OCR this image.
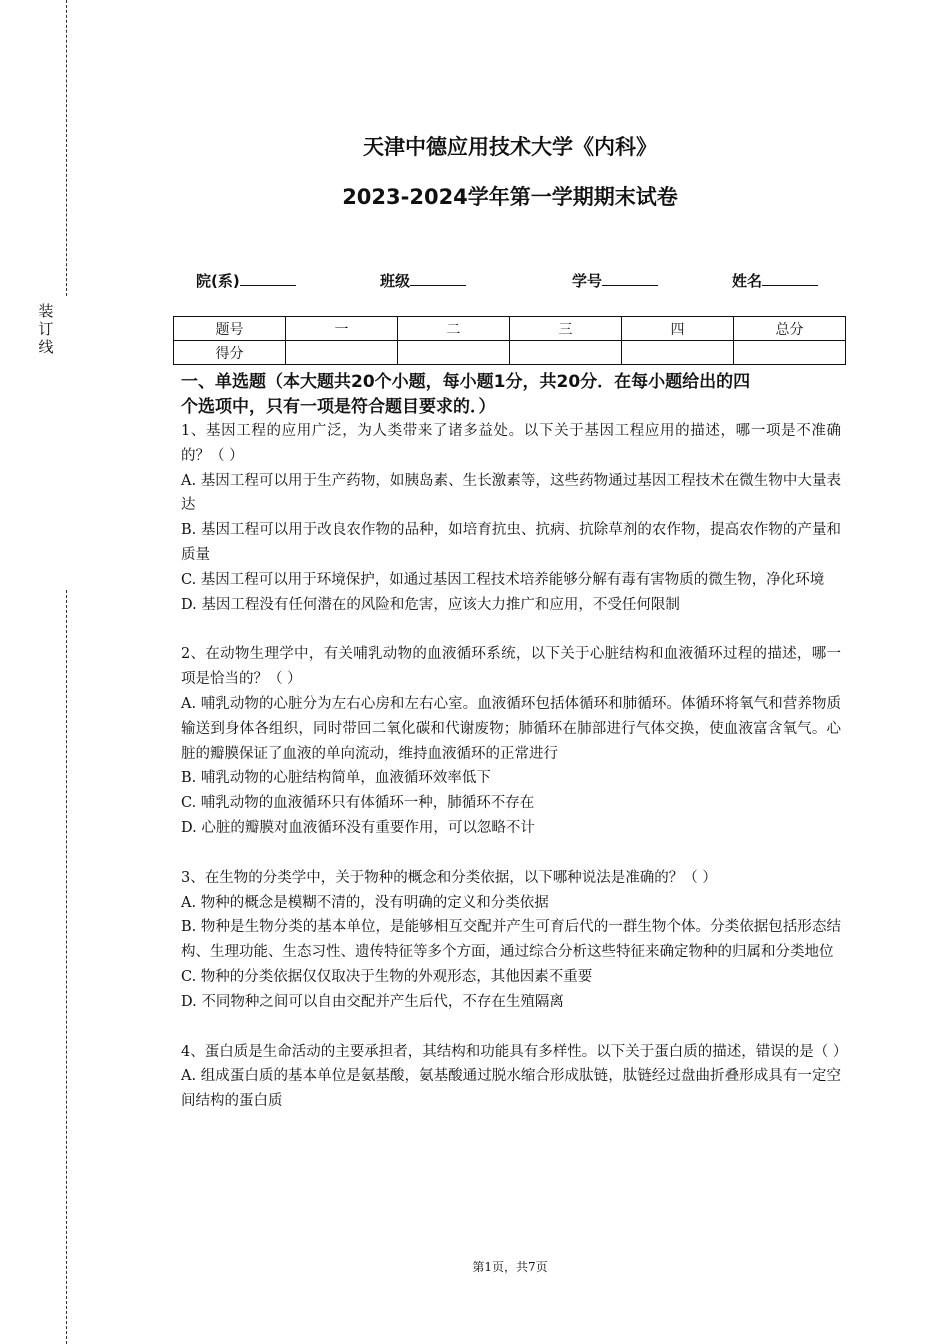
装
订
线
天津中德应用技术大学《内科》
2023-2024学年第一学期期末试卷
院(系)	班级	学号	姓名
题号	一	二	三	四	总分
得分					
一、单选题（本大题共20个小题，每小题1分，共20分．在每小题给出的四
个选项中，只有一项是符合题目要求的．）

1、基因工程的应用广泛，为人类带来了诸多益处。以下关于基因工程应用的描述，哪一项是不准确的？（ ）

A. 基因工程可以用于生产药物，如胰岛素、生长激素等，这些药物通过基因工程技术在微生物中大量表达

B. 基因工程可以用于改良农作物的品种，如培育抗虫、抗病、抗除草剂的农作物，提高农作物的产量和质量

C. 基因工程可以用于环境保护，如通过基因工程技术培养能够分解有毒有害物质的微生物，净化环境

D. 基因工程没有任何潜在的风险和危害，应该大力推广和应用，不受任何限制

2、在动物生理学中，有关哺乳动物的血液循环系统，以下关于心脏结构和血液循环过程的描述，哪一项是恰当的？（ ）

A. 哺乳动物的心脏分为左右心房和左右心室。血液循环包括体循环和肺循环。体循环将氧气和营养物质输送到身体各组织，同时带回二氧化碳和代谢废物；肺循环在肺部进行气体交换，使血液富含氧气。心脏的瓣膜保证了血液的单向流动，维持血液循环的正常进行

B. 哺乳动物的心脏结构简单，血液循环效率低下

C. 哺乳动物的血液循环只有体循环一种，肺循环不存在

D. 心脏的瓣膜对血液循环没有重要作用，可以忽略不计

3、在生物的分类学中，关于物种的概念和分类依据，以下哪种说法是准确的？（ ）

A. 物种的概念是模糊不清的，没有明确的定义和分类依据

B. 物种是生物分类的基本单位，是能够相互交配并产生可育后代的一群生物个体。分类依据包括形态结构、生理功能、生态习性、遗传特征等多个方面，通过综合分析这些特征来确定物种的归属和分类地位

C. 物种的分类依据仅仅取决于生物的外观形态，其他因素不重要

D. 不同物种之间可以自由交配并产生后代，不存在生殖隔离

4、蛋白质是生命活动的主要承担者，其结构和功能具有多样性。以下关于蛋白质的描述，错误的是（ ）

A. 组成蛋白质的基本单位是氨基酸，氨基酸通过脱水缩合形成肽链，肽链经过盘曲折叠形成具有一定空间结构的蛋白质

第1页，共7页
